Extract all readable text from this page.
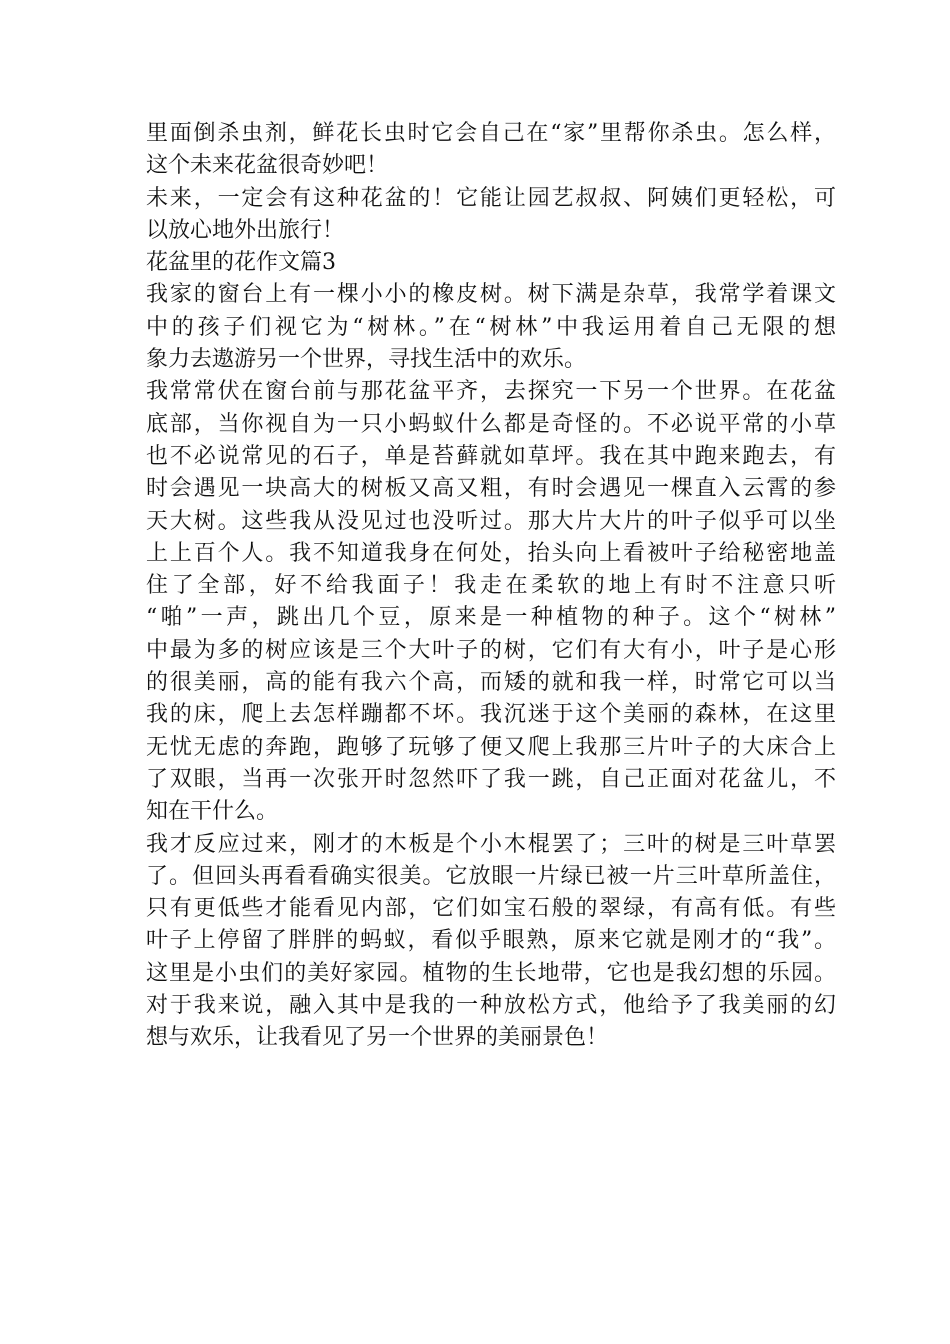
里面倒杀虫剂，鲜花长虫时它会自己在“家”里帮你杀虫。怎么样，
这个未来花盆很奇妙吧！
未来，一定会有这种花盆的！它能让园艺叔叔、阿姨们更轻松，可
以放心地外出旅行！
花盆里的花作文篇3
我家的窗台上有一棵小小的橡皮树。树下满是杂草，我常学着课文
中的孩子们视它为“树林。”在“树林”中我运用着自己无限的想
象力去遨游另一个世界，寻找生活中的欢乐。
我常常伏在窗台前与那花盆平齐，去探究一下另一个世界。在花盆
底部，当你视自为一只小蚂蚁什么都是奇怪的。不必说平常的小草
也不必说常见的石子，单是苔藓就如草坪。我在其中跑来跑去，有
时会遇见一块高大的树板又高又粗，有时会遇见一棵直入云霄的参
天大树。这些我从没见过也没听过。那大片大片的叶子似乎可以坐
上上百个人。我不知道我身在何处，抬头向上看被叶子给秘密地盖
住了全部，好不给我面子！我走在柔软的地上有时不注意只听
“啪”一声，跳出几个豆，原来是一种植物的种子。这个“树林”
中最为多的树应该是三个大叶子的树，它们有大有小，叶子是心形
的很美丽，高的能有我六个高，而矮的就和我一样，时常它可以当
我的床，爬上去怎样蹦都不坏。我沉迷于这个美丽的森林，在这里
无忧无虑的奔跑，跑够了玩够了便又爬上我那三片叶子的大床合上
了双眼，当再一次张开时忽然吓了我一跳，自己正面对花盆儿，不
知在干什么。
我才反应过来，刚才的木板是个小木棍罢了；三叶的树是三叶草罢
了。但回头再看看确实很美。它放眼一片绿已被一片三叶草所盖住，
只有更低些才能看见内部，它们如宝石般的翠绿，有高有低。有些
叶子上停留了胖胖的蚂蚁，看似乎眼熟，原来它就是刚才的“我”。
这里是小虫们的美好家园。植物的生长地带，它也是我幻想的乐园。
对于我来说，融入其中是我的一种放松方式，他给予了我美丽的幻
想与欢乐，让我看见了另一个世界的美丽景色！
